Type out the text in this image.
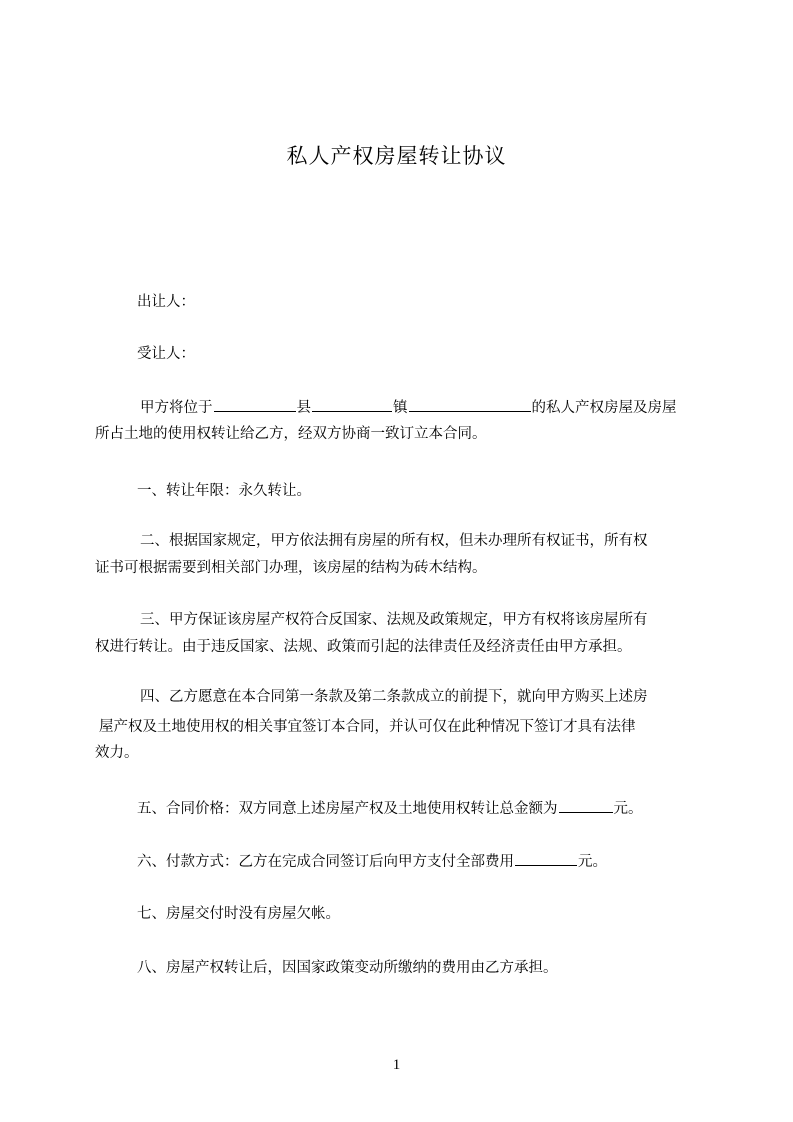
私人产权房屋转让协议
出让人：
受让人：
甲方将位于	县	镇	的私人产权房屋及房屋
所占土地的使用权转让给乙方，经双方协商一致订立本合同。
一、转让年限：永久转让。
二、根据国家规定，甲方依法拥有房屋的所有权，但未办理所有权证书，所有权
证书可根据需要到相关部门办理，该房屋的结构为砖木结构。
三、甲方保证该房屋产权符合反国家、法规及政策规定，甲方有权将该房屋所有
权进行转让。由于违反国家、法规、政策而引起的法律责任及经济责任由甲方承担。
四、乙方愿意在本合同第一条款及第二条款成立的前提下，就向甲方购买上述房
屋产权及土地使用权的相关事宜签订本合同，并认可仅在此种情况下签订才具有法律
效力。
五、合同价格：双方同意上述房屋产权及土地使用权转让总金额为	元。
六、付款方式：乙方在完成合同签订后向甲方支付全部费用	元。
七、房屋交付时没有房屋欠帐。
八、房屋产权转让后，因国家政策变动所缴纳的费用由乙方承担。
1
